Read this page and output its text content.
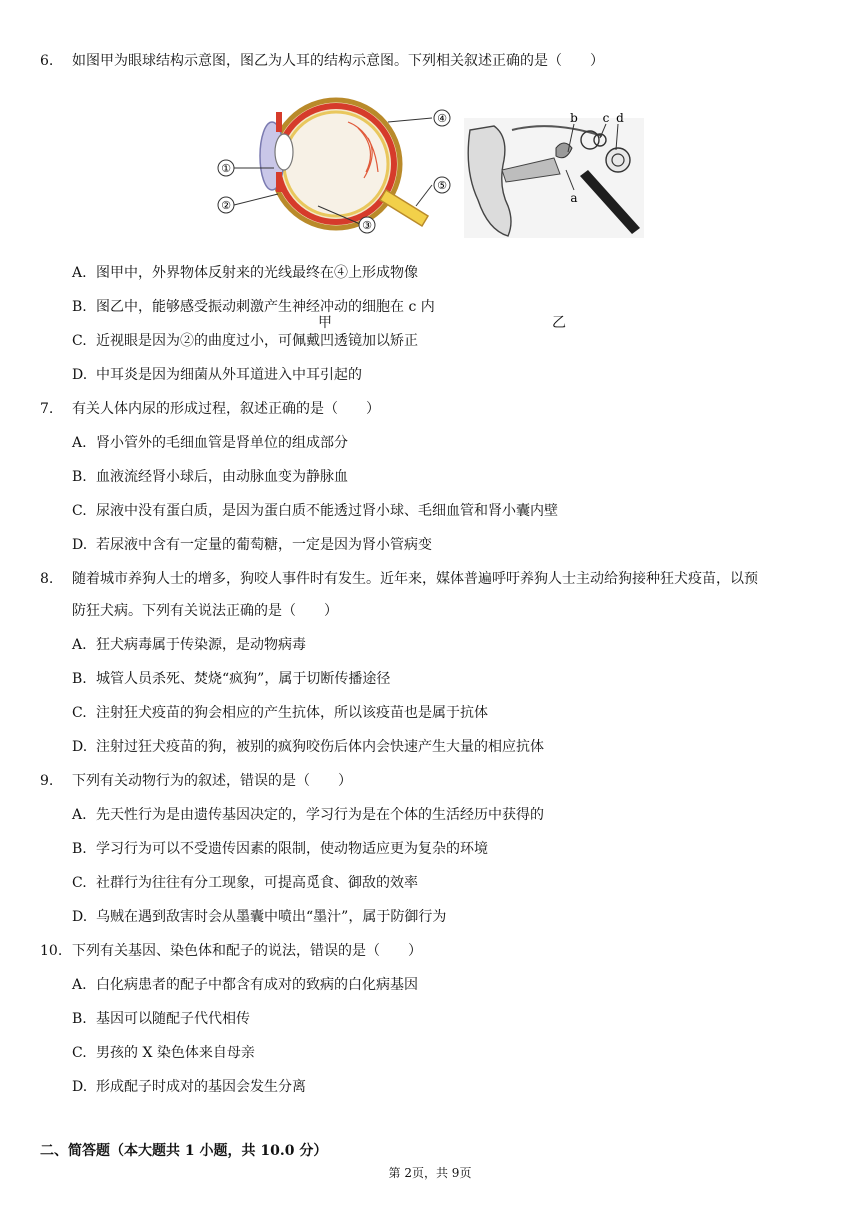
6. 如图甲为眼球结构示意图，图乙为人耳的结构示意图。下列相关叙述正确的是（　　）
①
②
③
④
⑤
b c d
a
甲	乙
A. 图甲中，外界物体反射来的光线最终在④上形成物像
B. 图乙中，能够感受振动刺激产生神经冲动的细胞在 c 内
C. 近视眼是因为②的曲度过小，可佩戴凹透镜加以矫正
D. 中耳炎是因为细菌从外耳道进入中耳引起的
7. 有关人体内尿的形成过程，叙述正确的是（　　）
A. 肾小管外的毛细血管是肾单位的组成部分
B. 血液流经肾小球后，由动脉血变为静脉血
C. 尿液中没有蛋白质，是因为蛋白质不能透过肾小球、毛细血管和肾小囊内壁
D. 若尿液中含有一定量的葡萄糖，一定是因为肾小管病变
8. 随着城市养狗人士的增多，狗咬人事件时有发生。近年来，媒体普遍呼吁养狗人士主动给狗接种狂犬疫苗，以预
防狂犬病。下列有关说法正确的是（　　）
A. 狂犬病毒属于传染源，是动物病毒
B. 城管人员杀死、焚烧“疯狗”，属于切断传播途径
C. 注射狂犬疫苗的狗会相应的产生抗体，所以该疫苗也是属于抗体
D. 注射过狂犬疫苗的狗，被别的疯狗咬伤后体内会快速产生大量的相应抗体
9. 下列有关动物行为的叙述，错误的是（　　）
A. 先天性行为是由遗传基因决定的，学习行为是在个体的生活经历中获得的
B. 学习行为可以不受遗传因素的限制，使动物适应更为复杂的环境
C. 社群行为往往有分工现象，可提高觅食、御敌的效率
D. 乌贼在遇到敌害时会从墨囊中喷出“墨汁”，属于防御行为
10. 下列有关基因、染色体和配子的说法，错误的是（　　）
A. 白化病患者的配子中都含有成对的致病的白化病基因
B. 基因可以随配子代代相传
C. 男孩的 X 染色体来自母亲
D. 形成配子时成对的基因会发生分离
二、简答题（本大题共 1 小题，共 10.0 分）
第 2页，共 9页
